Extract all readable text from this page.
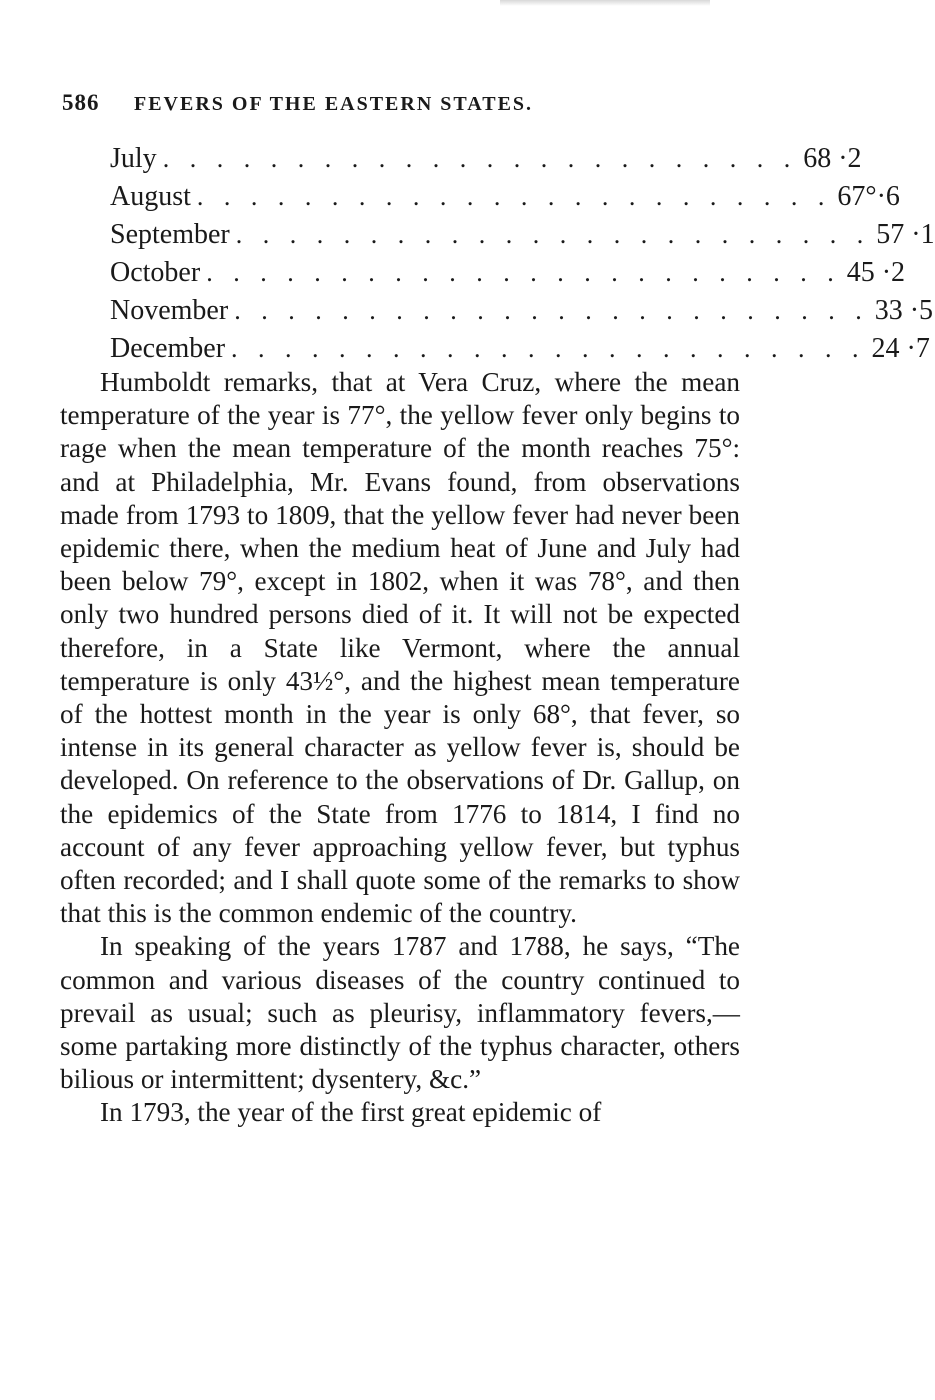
586 FEVERS OF THE EASTERN STATES.
July . . . . . . . . . . . . . . . . . . . . . . . . 68 ·2
August . . . . . . . . . . . . . . . . . . . . . . . . 67°·6
September . . . . . . . . . . . . . . . . . . . . . . . . 57 ·1
October . . . . . . . . . . . . . . . . . . . . . . . . 45 ·2
November . . . . . . . . . . . . . . . . . . . . . . . . 33 ·5
December . . . . . . . . . . . . . . . . . . . . . . . . 24 ·7

Humboldt remarks, that at Vera Cruz, where the mean temperature of the year is 77°, the yellow fever only begins to rage when the mean temperature of the month reaches 75°: and at Philadelphia, Mr. Evans found, from observations made from 1793 to 1809, that the yellow fever had never been epidemic there, when the medium heat of June and July had been below 79°, except in 1802, when it was 78°, and then only two hundred persons died of it. It will not be expected therefore, in a State like Vermont, where the annual temperature is only 43½°, and the highest mean temperature of the hottest month in the year is only 68°, that fever, so intense in its general character as yellow fever is, should be developed. On reference to the observations of Dr. Gallup, on the epidemics of the State from 1776 to 1814, I find no account of any fever approaching yellow fever, but typhus often recorded; and I shall quote some of the remarks to show that this is the common endemic of the country.

In speaking of the years 1787 and 1788, he says, “The common and various diseases of the country continued to prevail as usual; such as pleurisy, inflammatory fevers,—some partaking more distinctly of the typhus character, others bilious or intermittent; dysentery, &c.”

In 1793, the year of the first great epidemic of
